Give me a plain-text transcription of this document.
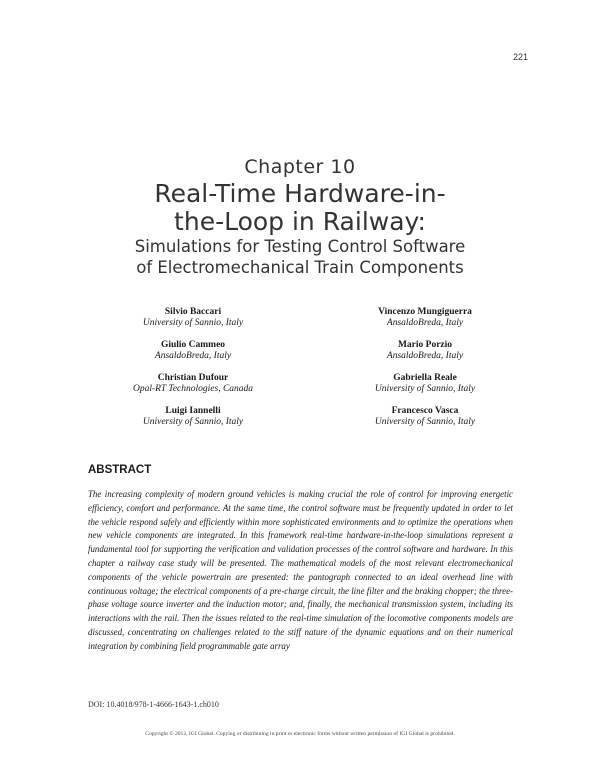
221
Chapter 10
Real-Time Hardware-in-
the-Loop in Railway:
Simulations for Testing Control Software
of Electromechanical Train Components
Silvio Baccari
University of Sannio, Italy
Giulio Cammeo
AnsaldoBreda, Italy
Christian Dufour
Opal-RT Technologies, Canada
Luigi Iannelli
University of Sannio, Italy
Vincenzo Mungiguerra
AnsaldoBreda, Italy
Mario Porzio
AnsaldoBreda, Italy
Gabriella Reale
University of Sannio, Italy
Francesco Vasca
University of Sannio, Italy
ABSTRACT
The increasing complexity of modern ground vehicles is making crucial the role of control for improving energetic efficiency, comfort and performance. At the same time, the control software must be frequently updated in order to let the vehicle respond safely and efficiently within more sophisticated environments and to optimize the operations when new vehicle components are integrated. In this framework real-time hardware-in-the-loop simulations represent a fundamental tool for supporting the verification and validation processes of the control software and hardware. In this chapter a railway case study will be presented. The mathematical models of the most relevant electromechanical components of the vehicle powertrain are presented: the pantograph connected to an ideal overhead line with continuous voltage; the electrical components of a pre-charge circuit, the line filter and the braking chopper; the three-phase voltage source inverter and the induction motor; and, finally, the mechanical transmission system, including its interactions with the rail. Then the issues related to the real-time simulation of the locomotive components models are discussed, concentrating on challenges related to the stiff nature of the dynamic equations and on their numerical integration by combining field programmable gate array
DOI: 10.4018/978-1-4666-1643-1.ch010
Copyright © 2012, IGI Global. Copying or distributing in print or electronic forms without written permission of IGI Global is prohibited.
